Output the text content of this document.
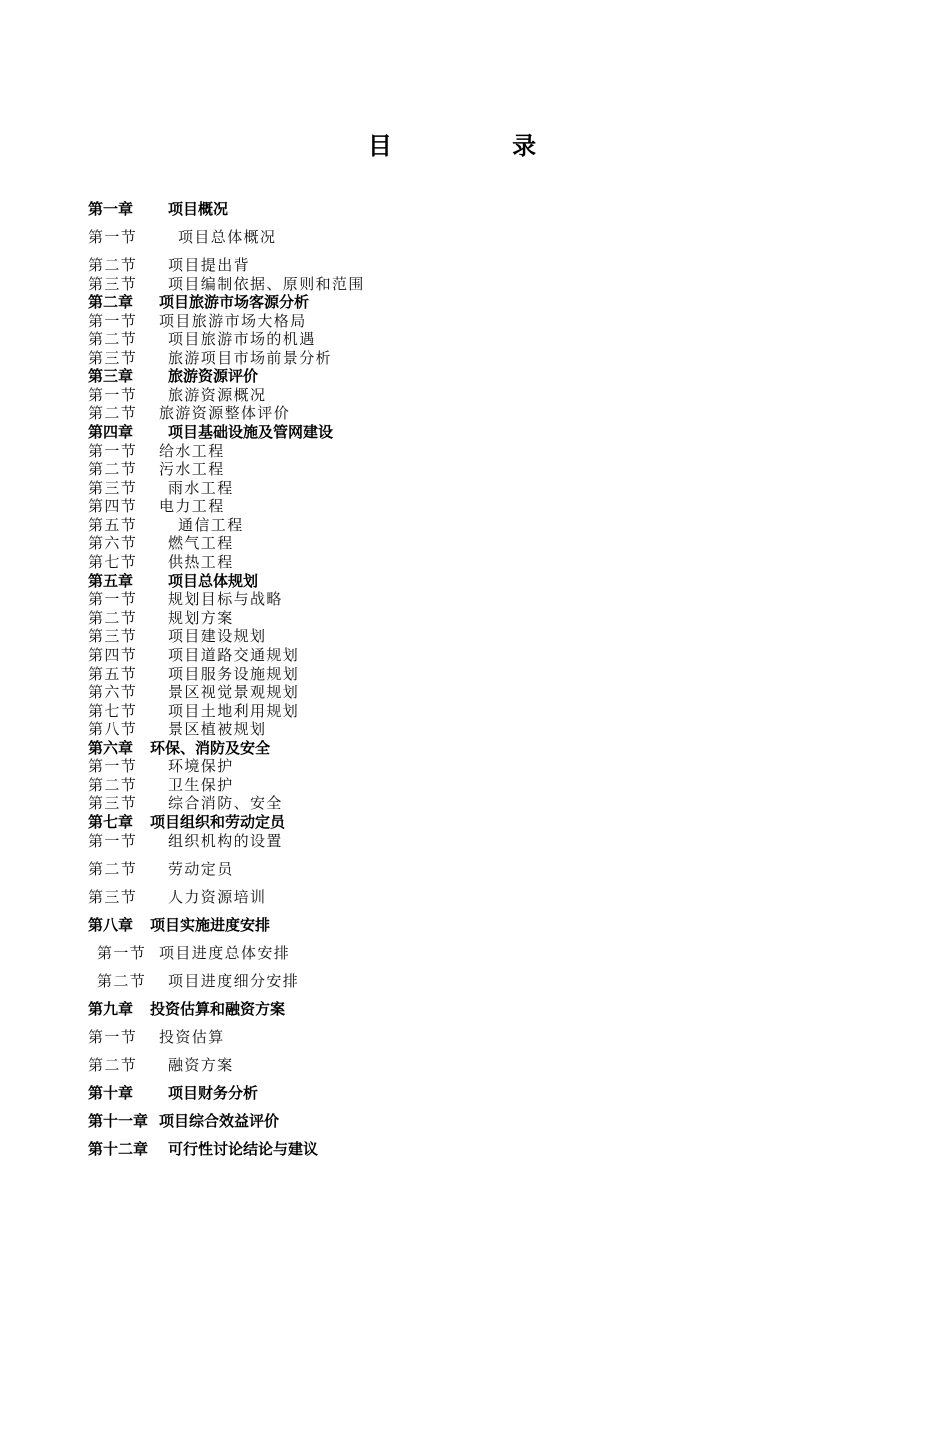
目 录
第一章 项目概况
第一节	项目总体概况
第二节 项目提出背
第三节 项目编制依据、原则和范围
第二章 项目旅游市场客源分析
第一节 项目旅游市场大格局
第二节 项目旅游市场的机遇
第三节 旅游项目市场前景分析
第三章 旅游资源评价
第一节 旅游资源概况
第二节 旅游资源整体评价
第四章 项目基础设施及管网建设
第一节 给水工程
第二节 污水工程
第三节 雨水工程
第四节 电力工程
第五节	通信工程
第六节 燃气工程
第七节 供热工程
第五章 项目总体规划
第一节 规划目标与战略
第二节 规划方案
第三节 项目建设规划
第四节 项目道路交通规划
第五节 项目服务设施规划
第六节 景区视觉景观规划
第七节 项目土地利用规划
第八节 景区植被规划
第六章 环保、消防及安全
第一节 环境保护
第二节 卫生保护
第三节 综合消防、安全
第七章 项目组织和劳动定员
第一节 组织机构的设置
第二节 劳动定员
第三节 人力资源培训
第八章 项目实施进度安排
第一节 项目进度总体安排
第二节 项目进度细分安排
第九章 投资估算和融资方案
第一节 投资估算
第二节 融资方案
第十章 项目财务分析
第十一章 项目综合效益评价
第十二章 可行性讨论结论与建议
